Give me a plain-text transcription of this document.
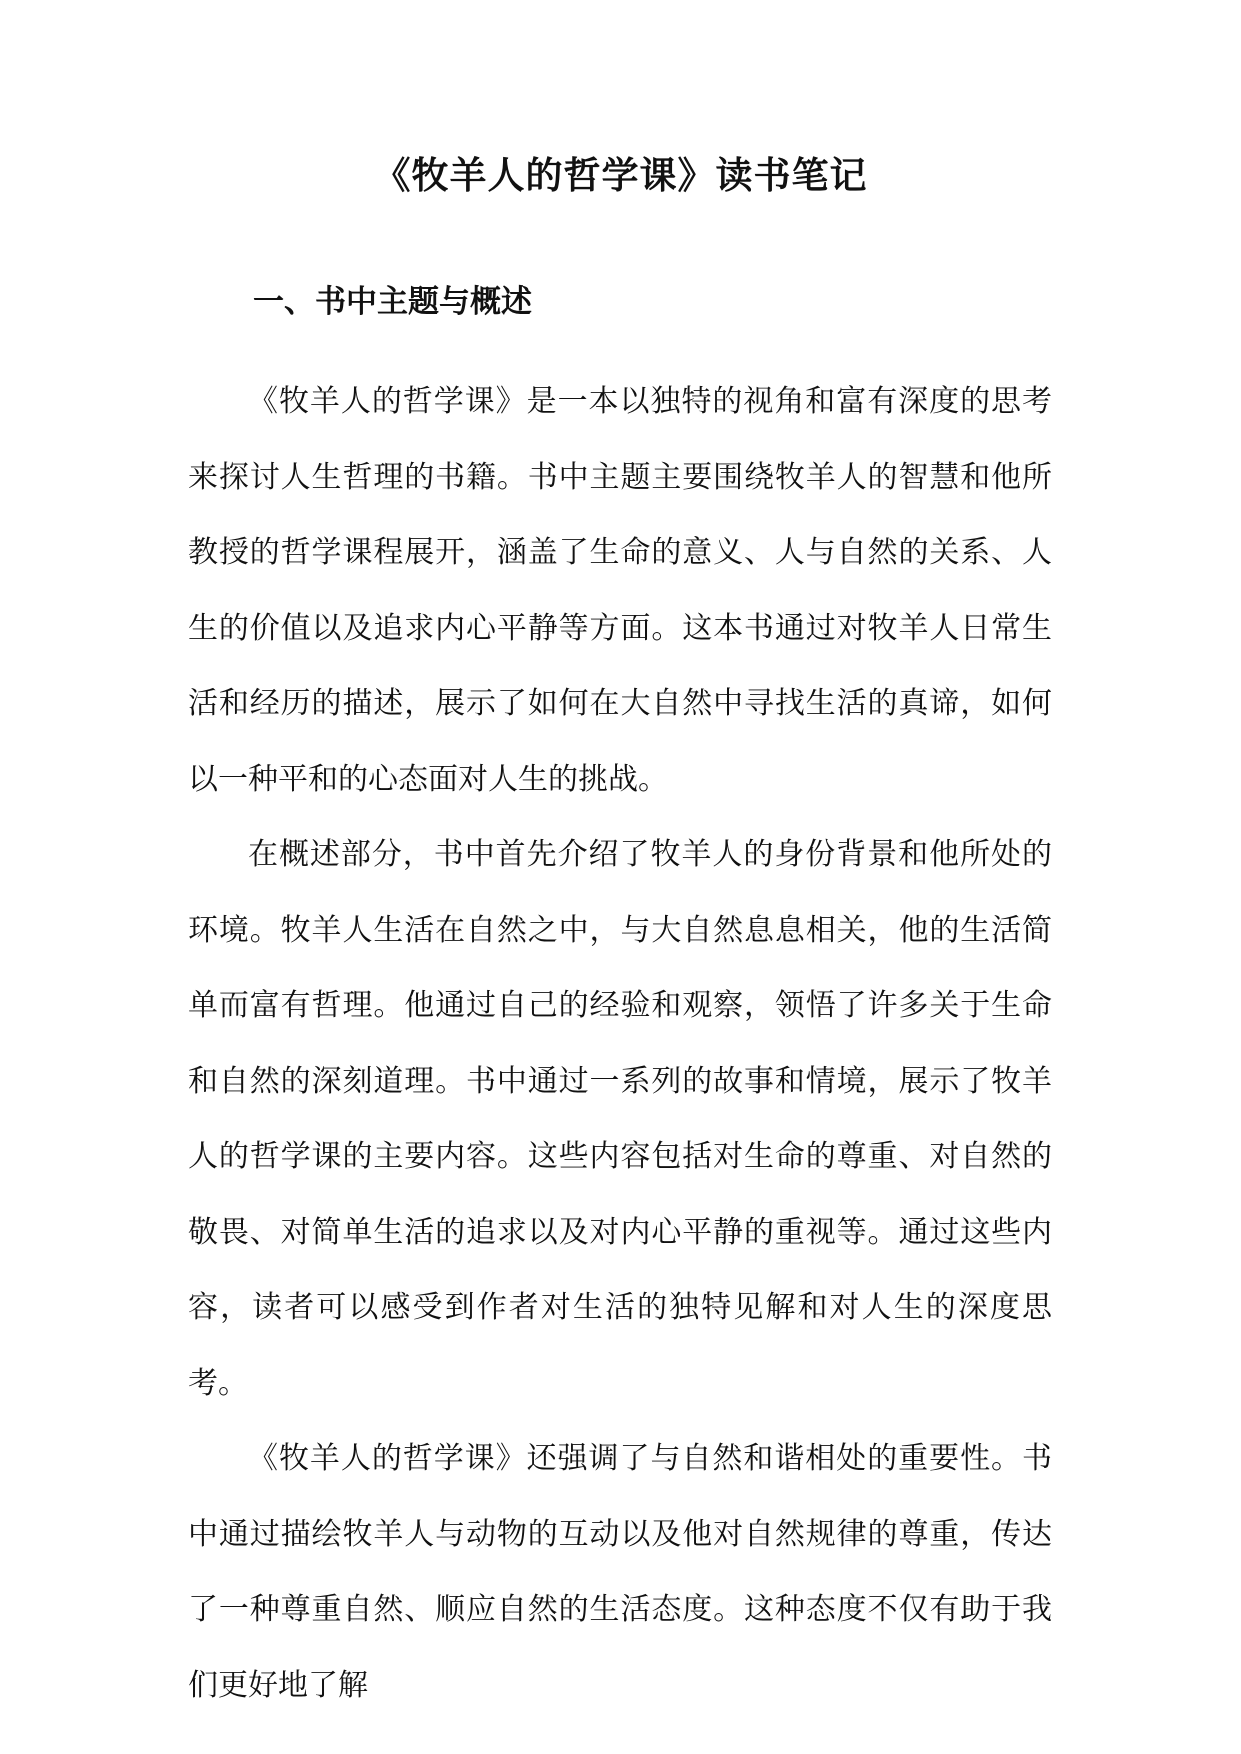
《牧羊人的哲学课》读书笔记
一、书中主题与概述

《牧羊人的哲学课》是一本以独特的视角和富有深度的思考来探讨人生哲理的书籍。书中主题主要围绕牧羊人的智慧和他所教授的哲学课程展开，涵盖了生命的意义、人与自然的关系、人生的价值以及追求内心平静等方面。这本书通过对牧羊人日常生活和经历的描述，展示了如何在大自然中寻找生活的真谛，如何以一种平和的心态面对人生的挑战。

在概述部分，书中首先介绍了牧羊人的身份背景和他所处的环境。牧羊人生活在自然之中，与大自然息息相关，他的生活简单而富有哲理。他通过自己的经验和观察，领悟了许多关于生命和自然的深刻道理。书中通过一系列的故事和情境，展示了牧羊人的哲学课的主要内容。这些内容包括对生命的尊重、对自然的敬畏、对简单生活的追求以及对内心平静的重视等。通过这些内容，读者可以感受到作者对生活的独特见解和对人生的深度思考。

《牧羊人的哲学课》还强调了与自然和谐相处的重要性。书中通过描绘牧羊人与动物的互动以及他对自然规律的尊重，传达了一种尊重自然、顺应自然的生活态度。这种态度不仅有助于我们更好地了解
